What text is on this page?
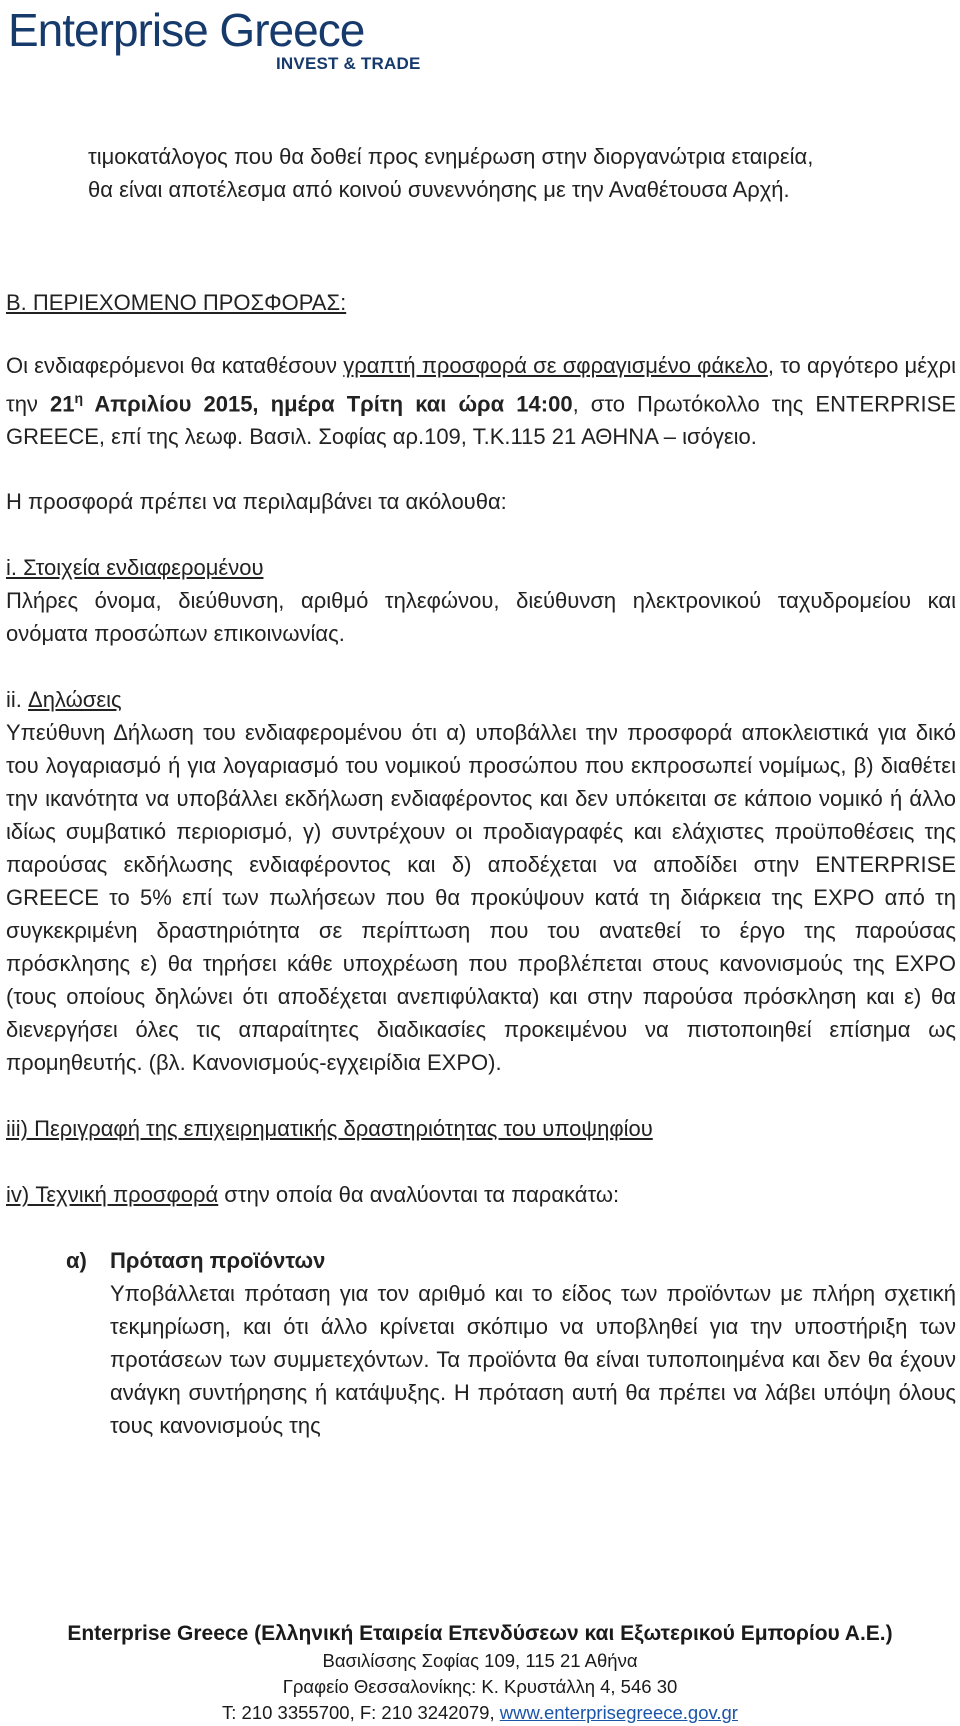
Enterprise Greece
INVEST & TRADE

τιμοκατάλογος που θα δοθεί προς ενημέρωση στην διοργανώτρια εταιρεία,

θα είναι αποτέλεσμα από κοινού συνεννόησης με την Αναθέτουσα Αρχή.

Β. ΠΕΡΙΕΧΟΜΕΝΟ ΠΡΟΣΦΟΡΑΣ:

Οι ενδιαφερόμενοι θα καταθέσουν γραπτή προσφορά σε σφραγισμένο φάκελο, το αργότερο μέχρι την $21^\eta$ Απριλίου 2015, ημέρα Τρίτη και ώρα 14:00, στο Πρωτόκολλο της ENTERPRISE GREECE, επί της λεωφ. Βασιλ. Σοφίας αρ.109, Τ.Κ.115 21 ΑΘΗΝΑ – ισόγειο.

Η προσφορά πρέπει να περιλαμβάνει τα ακόλουθα:

i. Στοιχεία ενδιαφερομένου

Πλήρες όνομα, διεύθυνση, αριθμό τηλεφώνου, διεύθυνση ηλεκτρονικού ταχυδρομείου και ονόματα προσώπων επικοινωνίας.

ii. Δηλώσεις

Υπεύθυνη Δήλωση του ενδιαφερομένου ότι α) υποβάλλει την προσφορά αποκλειστικά για δικό του λογαριασμό ή για λογαριασμό του νομικού προσώπου που εκπροσωπεί νομίμως, β) διαθέτει την ικανότητα να υποβάλλει εκδήλωση ενδιαφέροντος και δεν υπόκειται σε κάποιο νομικό ή άλλο ιδίως συμβατικό περιορισμό, γ) συντρέχουν οι προδιαγραφές και ελάχιστες προϋποθέσεις της παρούσας εκδήλωσης ενδιαφέροντος και δ) αποδέχεται να αποδίδει στην ENTERPRISE GREECE το 5% επί των πωλήσεων που θα προκύψουν κατά τη διάρκεια της EXPO από τη συγκεκριμένη δραστηριότητα σε περίπτωση που του ανατεθεί το έργο της παρούσας πρόσκλησης ε) θα τηρήσει κάθε υποχρέωση που προβλέπεται στους κανονισμούς της EXPO (τους οποίους δηλώνει ότι αποδέχεται ανεπιφύλακτα) και στην παρούσα πρόσκληση και ε) θα διενεργήσει όλες τις απαραίτητες διαδικασίες προκειμένου να πιστοποιηθεί επίσημα ως προμηθευτής. (βλ. Κανονισμούς-εγχειρίδια EXPO).

iii) Περιγραφή της επιχειρηματικής δραστηριότητας του υποψηφίου

iv) Τεχνική προσφορά στην οποία θα αναλύονται τα παρακάτω:

α) Πρόταση προϊόντων

Υποβάλλεται πρόταση για τον αριθμό και το είδος των προϊόντων με πλήρη σχετική τεκμηρίωση, και ότι άλλο κρίνεται σκόπιμο να υποβληθεί για την υποστήριξη των προτάσεων των συμμετεχόντων. Τα προϊόντα θα είναι τυποποιημένα και δεν θα έχουν ανάγκη συντήρησης ή κατάψυξης. Η πρόταση αυτή θα πρέπει να λάβει υπόψη όλους τους κανονισμούς της

Enterprise Greece (Ελληνική Εταιρεία Επενδύσεων και Εξωτερικού Εμπορίου Α.Ε.)
Βασιλίσσης Σοφίας 109, 115 21 Αθήνα
Γραφείο Θεσσαλονίκης: Κ. Κρυστάλλη 4, 546 30
T: 210 3355700, F: 210 3242079, www.enterprisegreece.gov.gr
